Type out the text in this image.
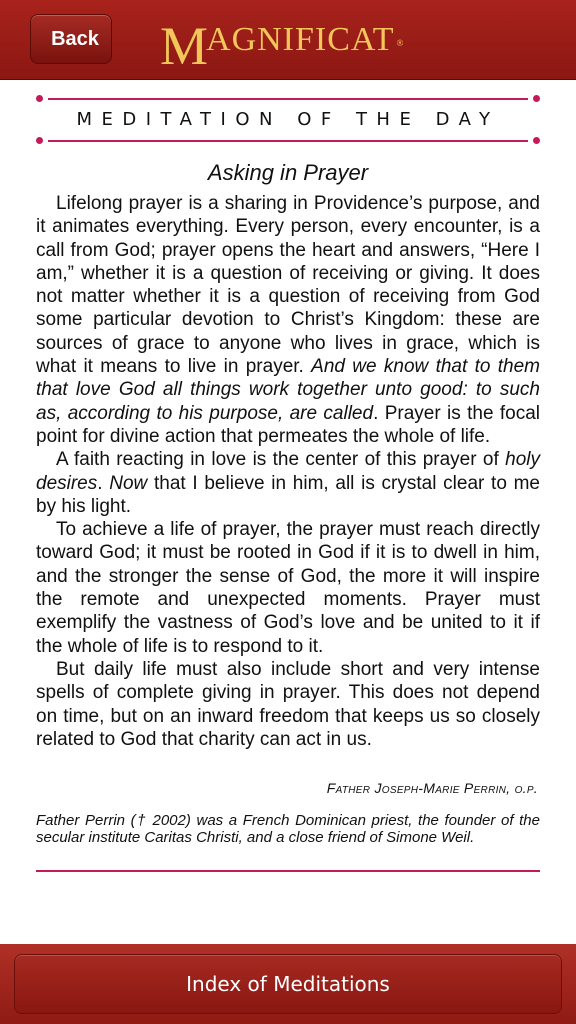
Back M
AGNIFICAT ®
MEDITATION OF THE DAY
Asking in Prayer

Lifelong prayer is a sharing in Providence’s purpose, and it animates everything. Every person, every encounter, is a call from God; prayer opens the heart and answers, “Here I am,” whether it is a question of receiving or giving. It does not matter whether it is a question of receiving from God some particular devotion to Christ’s Kingdom: these are sources of grace to anyone who lives in grace, which is what it means to live in prayer. And we know that to them that love God all things work together unto good: to such as, according to his purpose, are called. Prayer is the focal point for divine action that permeates the whole of life.

A faith reacting in love is the center of this prayer of holy desires. Now that I believe in him, all is crystal clear to me by his light.

To achieve a life of prayer, the prayer must reach directly toward God; it must be rooted in God if it is to dwell in him, and the stronger the sense of God, the more it will inspire the remote and unexpected moments. Prayer must exemplify the vastness of God’s love and be united to it if the whole of life is to respond to it.

But daily life must also include short and very intense spells of complete giving in prayer. This does not depend on time, but on an inward freedom that keeps us so closely related to God that charity can act in us.

Father Joseph-Marie Perrin, o.p.
Father Perrin († 2002) was a French Dominican priest, the founder of the secular institute Caritas Christi, and a close friend of Simone Weil.
Index of Meditations
